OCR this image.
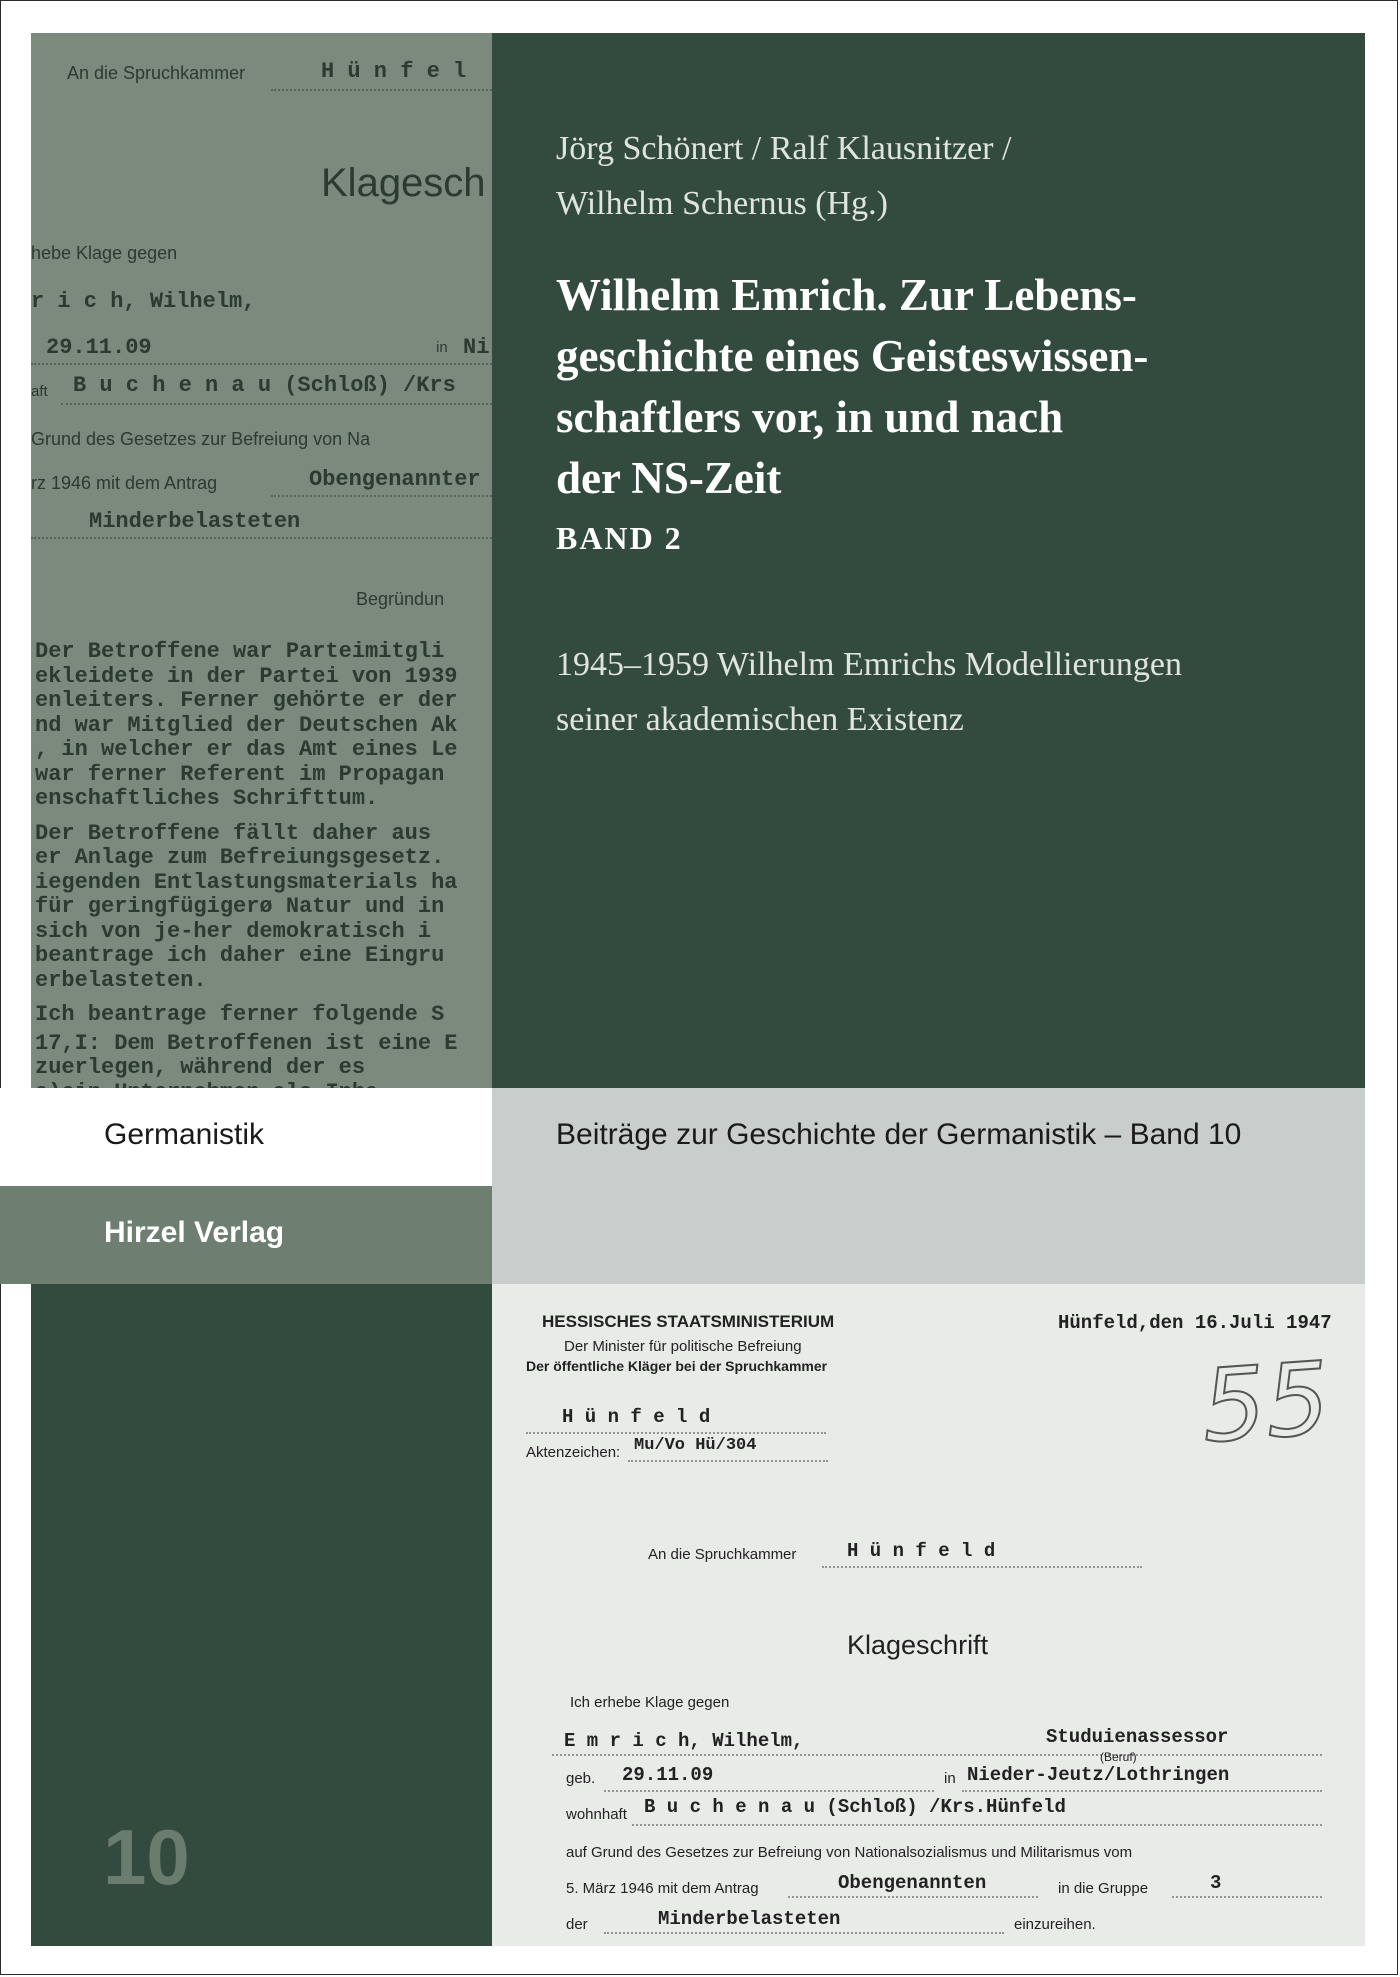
An die Spruchkammer	H ü n f e l
Klagesch
hebe Klage gegen
r i c h, Wilhelm,
29.11.09	in Ni
aft B u c h e n a u (Schloß) /Krs
Grund des Gesetzes zur Befreiung von Na
rz 1946 mit dem Antrag	Obengenannter
Minderbelasteten
Begründun
Der Betroffene war Parteimitgli
ekleidete in der Partei von 1939
enleiters. Ferner gehörte er der
nd war Mitglied der Deutschen Ak
, in welcher er das Amt eines Le
war ferner Referent im Propagan
enschaftliches Schrifttum.
Der Betroffene fällt daher aus
er Anlage zum Befreiungsgesetz.
iegenden Entlastungsmaterials ha
für geringfügigerø Natur und in
sich von je-her demokratisch i
beantrage ich daher eine Eingru
erbelasteten.
Ich beantrage ferner folgende S
17,I: Dem Betroffenen ist eine E
zuerlegen, während der es
Jörg Schönert / Ralf Klausnitzer /
Wilhelm Schernus (Hg.)
Wilhelm Emrich. Zur Lebens-
geschichte eines Geisteswissen-
schaftlers vor, in und nach
der NS-Zeit
BAND 2
1945–1959 Wilhelm Emrichs Modellierungen
seiner akademischen Existenz
Germanistik	Beiträge zur Geschichte der Germanistik – Band 10
Hirzel Verlag
10
HESSISCHES STAATSMINISTERIUM
Der Minister für politische Befreiung
Der öffentliche Kläger bei der Spruchkammer
Hünfeld,den 16.Juli 1947
55
H ü n f e l d
Aktenzeichen: Mu/Vo Hü/304
An die Spruchkammer	H ü n f e l d
Klageschrift
Ich erhebe Klage gegen
E m r i c h, Wilhelm,	Studuienassessor
(Beruf)
geb. 29.11.09	in Nieder-Jeutz/Lothringen
wohnhaft B u c h e n a u (Schloß) /Krs.Hünfeld
auf Grund des Gesetzes zur Befreiung von Nationalsozialismus und Militarismus vom
5. März 1946 mit dem Antrag	Obengenannten	in die Gruppe	3
der	Minderbelasteten	einzureihen.
